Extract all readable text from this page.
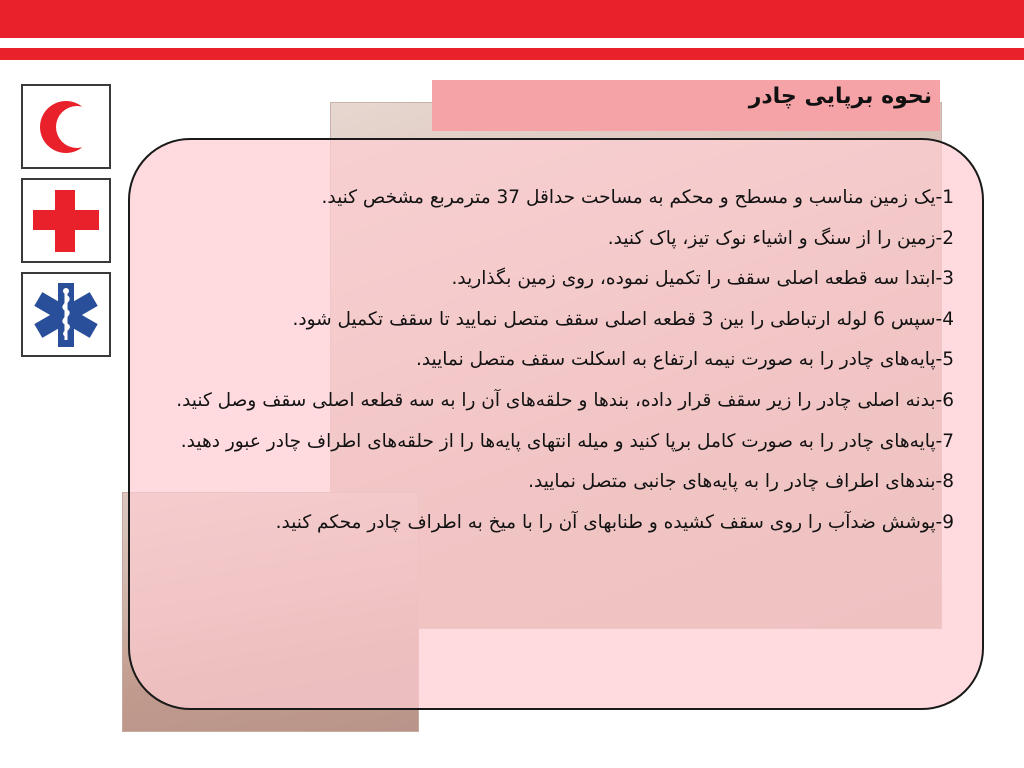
نحوه برپایی چادر
1-یک زمین مناسب و مسطح و محکم به مساحت حداقل 37 مترمربع مشخص کنید.
2-زمین را از سنگ و اشیاء نوک تیز، پاک کنید.
3-ابتدا سه قطعه اصلی سقف را تکمیل نموده، روی زمین بگذارید.
4-سپس 6 لوله ارتباطی را بین 3 قطعه اصلی سقف متصل نمایید تا سقف تکمیل شود.
5-پایه‌های چادر را به صورت نیمه ارتفاع به اسکلت سقف متصل نمایید.
6-بدنه اصلی چادر را زیر سقف قرار داده، بندها و حلقه‌های آن را به سه قطعه اصلی سقف وصل کنید.
7-پایه‌های چادر را به صورت کامل برپا کنید و میله انتهای پایه‌ها را از حلقه‌های اطراف چادر عبور دهید.
8-بندهای اطراف چادر را به پایه‌های جانبی متصل نمایید.
9-پوشش ضدآب را روی سقف کشیده و طنابهای آن را با میخ به اطراف چادر محکم کنید.
